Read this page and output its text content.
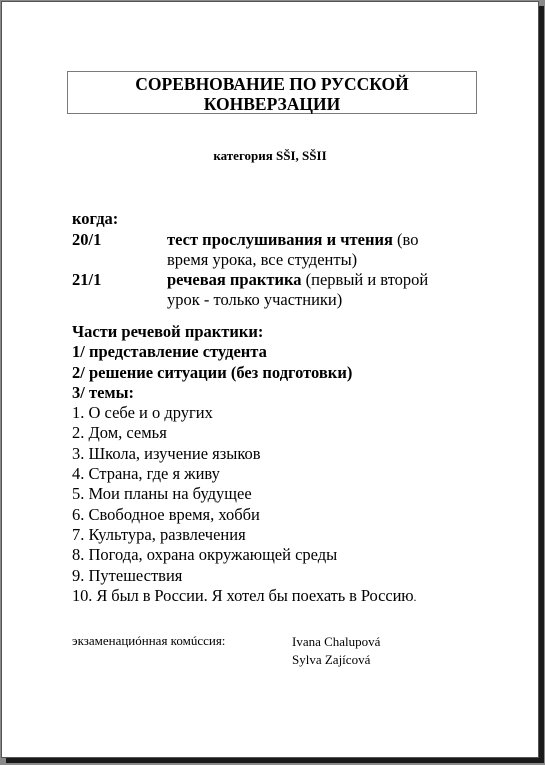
СОРЕВНОВАНИЕ ПО РУССКОЙ
КОНВЕРЗАЦИИ
категория SŠI, SŠII
когда:
20/1	тест прослушивания и чтения (во
время урока, все студенты)
21/1	речевая практика (первый и второй
урок - только участники)
Части речевой практики:
1/ представление студента
2/ решение ситуации (без подготовки)
3/ темы:
1. О себе и о других
2. Дом, семья
3. Школа, изучение языков
4. Страна, где я живу
5. Мои планы на будущее
6. Свободное время, хобби
7. Культура, развлечения
8. Погода, охрана окружающей среды
9. Путешествия
10. Я был в России. Я хотел бы поехать в Россию.
экзаменациóнная комúссия:	Ivana Chalupová
Sylva Zajícová
